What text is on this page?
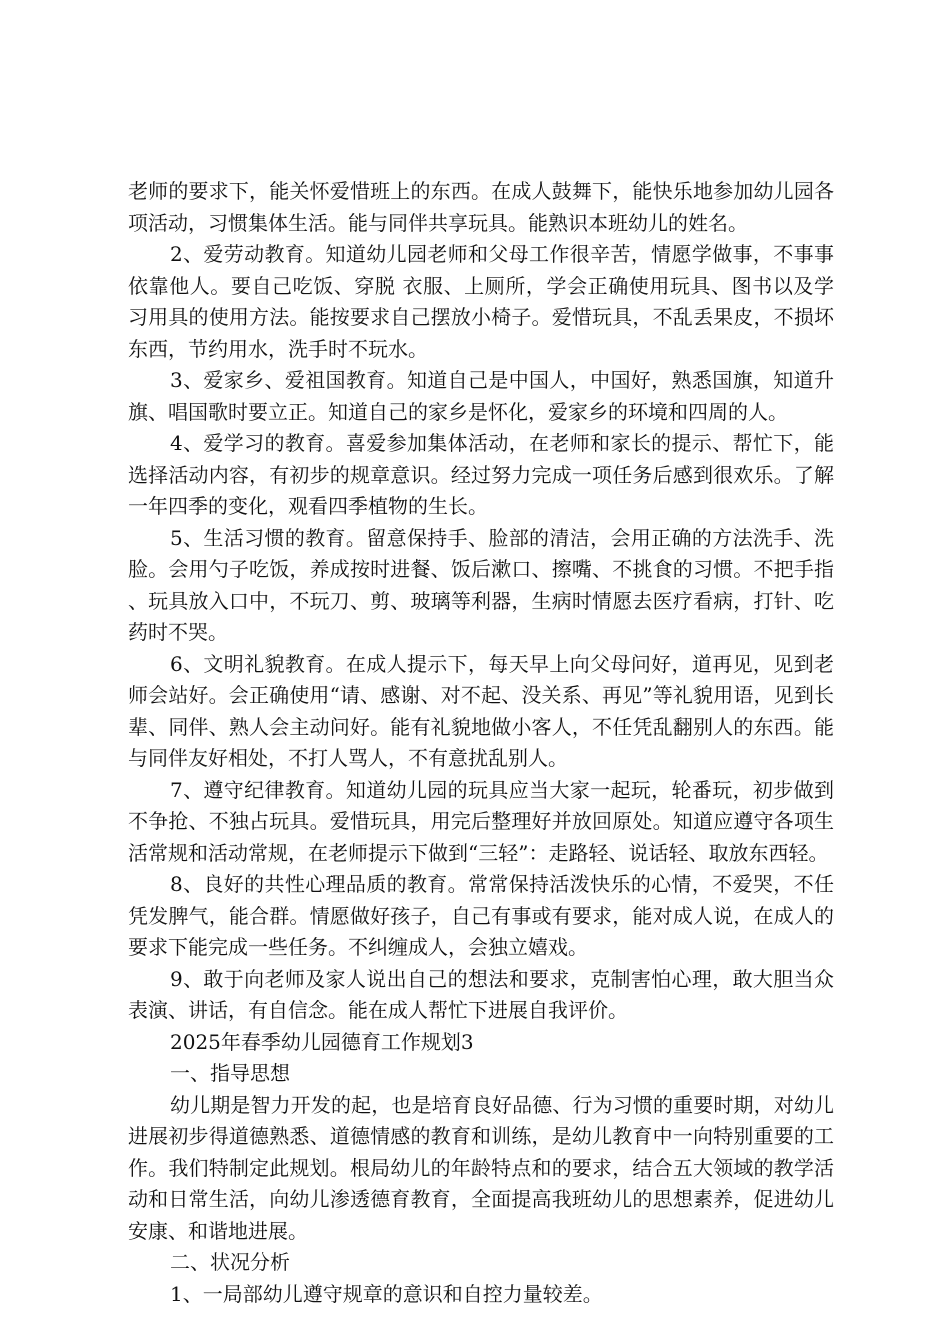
老师的要求下，能关怀爱惜班上的东西。在成人鼓舞下，能快乐地参加幼儿园各项活动，习惯集体生活。能与同伴共享玩具。能熟识本班幼儿的姓名。

2、爱劳动教育。知道幼儿园老师和父母工作很辛苦，情愿学做事，不事事依靠他人。要自己吃饭、穿脱 衣服、上厕所，学会正确使用玩具、图书以及学习用具的使用方法。能按要求自己摆放小椅子。爱惜玩具，不乱丢果皮，不损坏东西，节约用水，洗手时不玩水。

3、爱家乡、爱祖国教育。知道自己是中国人，中国好，熟悉国旗，知道升旗、唱国歌时要立正。知道自己的家乡是怀化，爱家乡的环境和四周的人。

4、爱学习的教育。喜爱参加集体活动，在老师和家长的提示、帮忙下，能选择活动内容，有初步的规章意识。经过努力完成一项任务后感到很欢乐。了解一年四季的变化，观看四季植物的生长。

5、生活习惯的教育。留意保持手、脸部的清洁，会用正确的方法洗手、洗脸。会用勺子吃饭，养成按时进餐、饭后漱口、擦嘴、不挑食的习惯。不把手指、玩具放入口中，不玩刀、剪、玻璃等利器，生病时情愿去医疗看病，打针、吃药时不哭。

6、文明礼貌教育。在成人提示下，每天早上向父母问好，道再见，见到老师会站好。会正确使用“请、感谢、对不起、没关系、再见”等礼貌用语，见到长辈、同伴、熟人会主动问好。能有礼貌地做小客人，不任凭乱翻别人的东西。能与同伴友好相处，不打人骂人，不有意扰乱别人。

7、遵守纪律教育。知道幼儿园的玩具应当大家一起玩，轮番玩，初步做到不争抢、不独占玩具。爱惜玩具，用完后整理好并放回原处。知道应遵守各项生活常规和活动常规，在老师提示下做到“三轻”：走路轻、说话轻、取放东西轻。

8、良好的共性心理品质的教育。常常保持活泼快乐的心情，不爱哭，不任凭发脾气，能合群。情愿做好孩子，自己有事或有要求，能对成人说，在成人的要求下能完成一些任务。不纠缠成人，会独立嬉戏。

9、敢于向老师及家人说出自己的想法和要求，克制害怕心理，敢大胆当众表演、讲话，有自信念。能在成人帮忙下进展自我评价。

2025年春季幼儿园德育工作规划3

一、指导思想

幼儿期是智力开发的起，也是培育良好品德、行为习惯的重要时期，对幼儿进展初步得道德熟悉、道德情感的教育和训练，是幼儿教育中一向特别重要的工作。我们特制定此规划。根局幼儿的年龄特点和的要求，结合五大领域的教学活动和日常生活，向幼儿渗透德育教育，全面提高我班幼儿的思想素养，促进幼儿安康、和谐地进展。

二、状况分析

1、一局部幼儿遵守规章的意识和自控力量较差。
